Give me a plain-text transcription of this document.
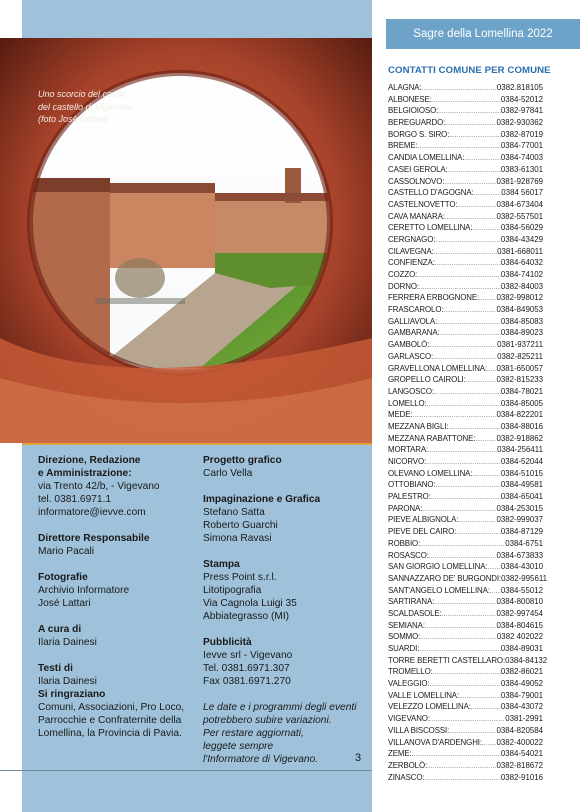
Uno scorcio del cortile
del castello di Vigevano
(foto Josè Lattari)
Direzione, Redazione
e Amministrazione:
via Trento 42/b, - Vigevano
tel. 0381.6971.1
informatore@ievve.com
Direttore Responsabile
Mario Pacali
Fotografie
Archivio Informatore
José Lattari
A cura di
Ilaria Dainesi
Testi di
Ilaria Dainesi
Si ringraziano
Comuni, Associazioni, Pro Loco,
Parrocchie e Confraternite della
Lomellina, la Provincia di Pavia.
Progetto grafico
Carlo Vella
Impaginazione e Grafica
Stefano Satta
Roberto Guarchi
Simona Ravasi
Stampa
Press Point s.r.l.
Litotipografia
Via Cagnola Luigi 35
Abbiategrasso (MI)
Pubblicità
Ievve srl - Vigevano
Tel. 0381.6971.307
Fax 0381.6971.270
Le date e i programmi degli eventi
potrebbero subire variazioni.
Per restare aggiornati,
leggete sempre
l'Informatore di Vigevano.	3
Sagre della Lomellina 2022
CONTATTI COMUNE PER COMUNE
ALAGNA: .....	0382.818105
ALBONESE: .....	0384-52012
BELGIOIOSO: .....	0382-97841
BEREGUARDO: .....	0382-930362
BORGO S. SIRO: .....	0382-87019
BREME: .....	0384-77001
CANDIA LOMELLINA: .....	0384-74003
CASEI GEROLA: .....	0383-61301
CASSOLNOVO: .....	0381-928769
CASTELLO D'AGOGNA: .....	0384 56017
CASTELNOVETTO: .....	0384-673404
CAVA MANARA: .....	0382-557501
CERETTO LOMELLINA: .....	0384-56029
CERGNAGO: .....	0384-43429
CILAVEGNA: .....	0381-668011
CONFIENZA: .....	0384-64032
COZZO: .....	0384-74102
DORNO: .....	0382-84003
FERRERA ERBOGNONE: ..... 0382-998012
FRASCAROLO: .....	0384-849053
GALLIAVOLA: .....	0384-85083
GAMBARANA: .....	0384-89023
GAMBOLÒ: .....	0381-937211
GARLASCO: .....	0382-825211
GRAVELLONA LOMELLINA: ..... 0381-650057
GROPELLO CAIROLI: .....	0382-815233
LANGOSCO: .....	0384-78021
LOMELLO: .....	0384-85005
MEDE: .....	0384-822201
MEZZANA BIGLI: .....	0384-88016
MEZZANA RABATTONE: .....	0382-918862
MORTARA: .....	0384-256411
NICORVO: .....	0384-52044
OLEVANO LOMELLINA: .....	0384-51015
OTTOBIANO: .....	0384-49581
PALESTRO: .....	0384-65041
PARONA: .....	0384-253015
PIEVE ALBIGNOLA: .....	0382-999037
PIEVE DEL CAIRO: .....	0384-87129
ROBBIO: .....	0384-6751
ROSASCO: .....	0384-673833
SAN GIORGIO LOMELLINA: ..... 0384-43010
SANNAZZARO DE' BURGONDI: 0382-995611
SANT'ANGELO LOMELLINA: ..... 0384-55012
SARTIRANA: .....	0384-800810
SCALDASOLE: .....	0382-997454
SEMIANA: .....	0384-804615
SOMMO: .....	0382 402022
SUARDI: .....	0384-89031
TORRE BERETTI CASTELLARO: 0384-84132
TROMELLO: .....	0382-86021
VALEGGIO: .....	0384-49052
VALLE LOMELLINA: .....	0384-79001
VELEZZO LOMELLINA: .....	0384-43072
VIGEVANO: .....	0381-2991
VILLA BISCOSSI: .....	0384-820584
VILLANOVA D'ARDENGHI: ..... 0382-400022
ZEME: .....	0384-54021
ZERBOLÒ: .....	0382-818672
ZINASCO: .....	0382-91016
